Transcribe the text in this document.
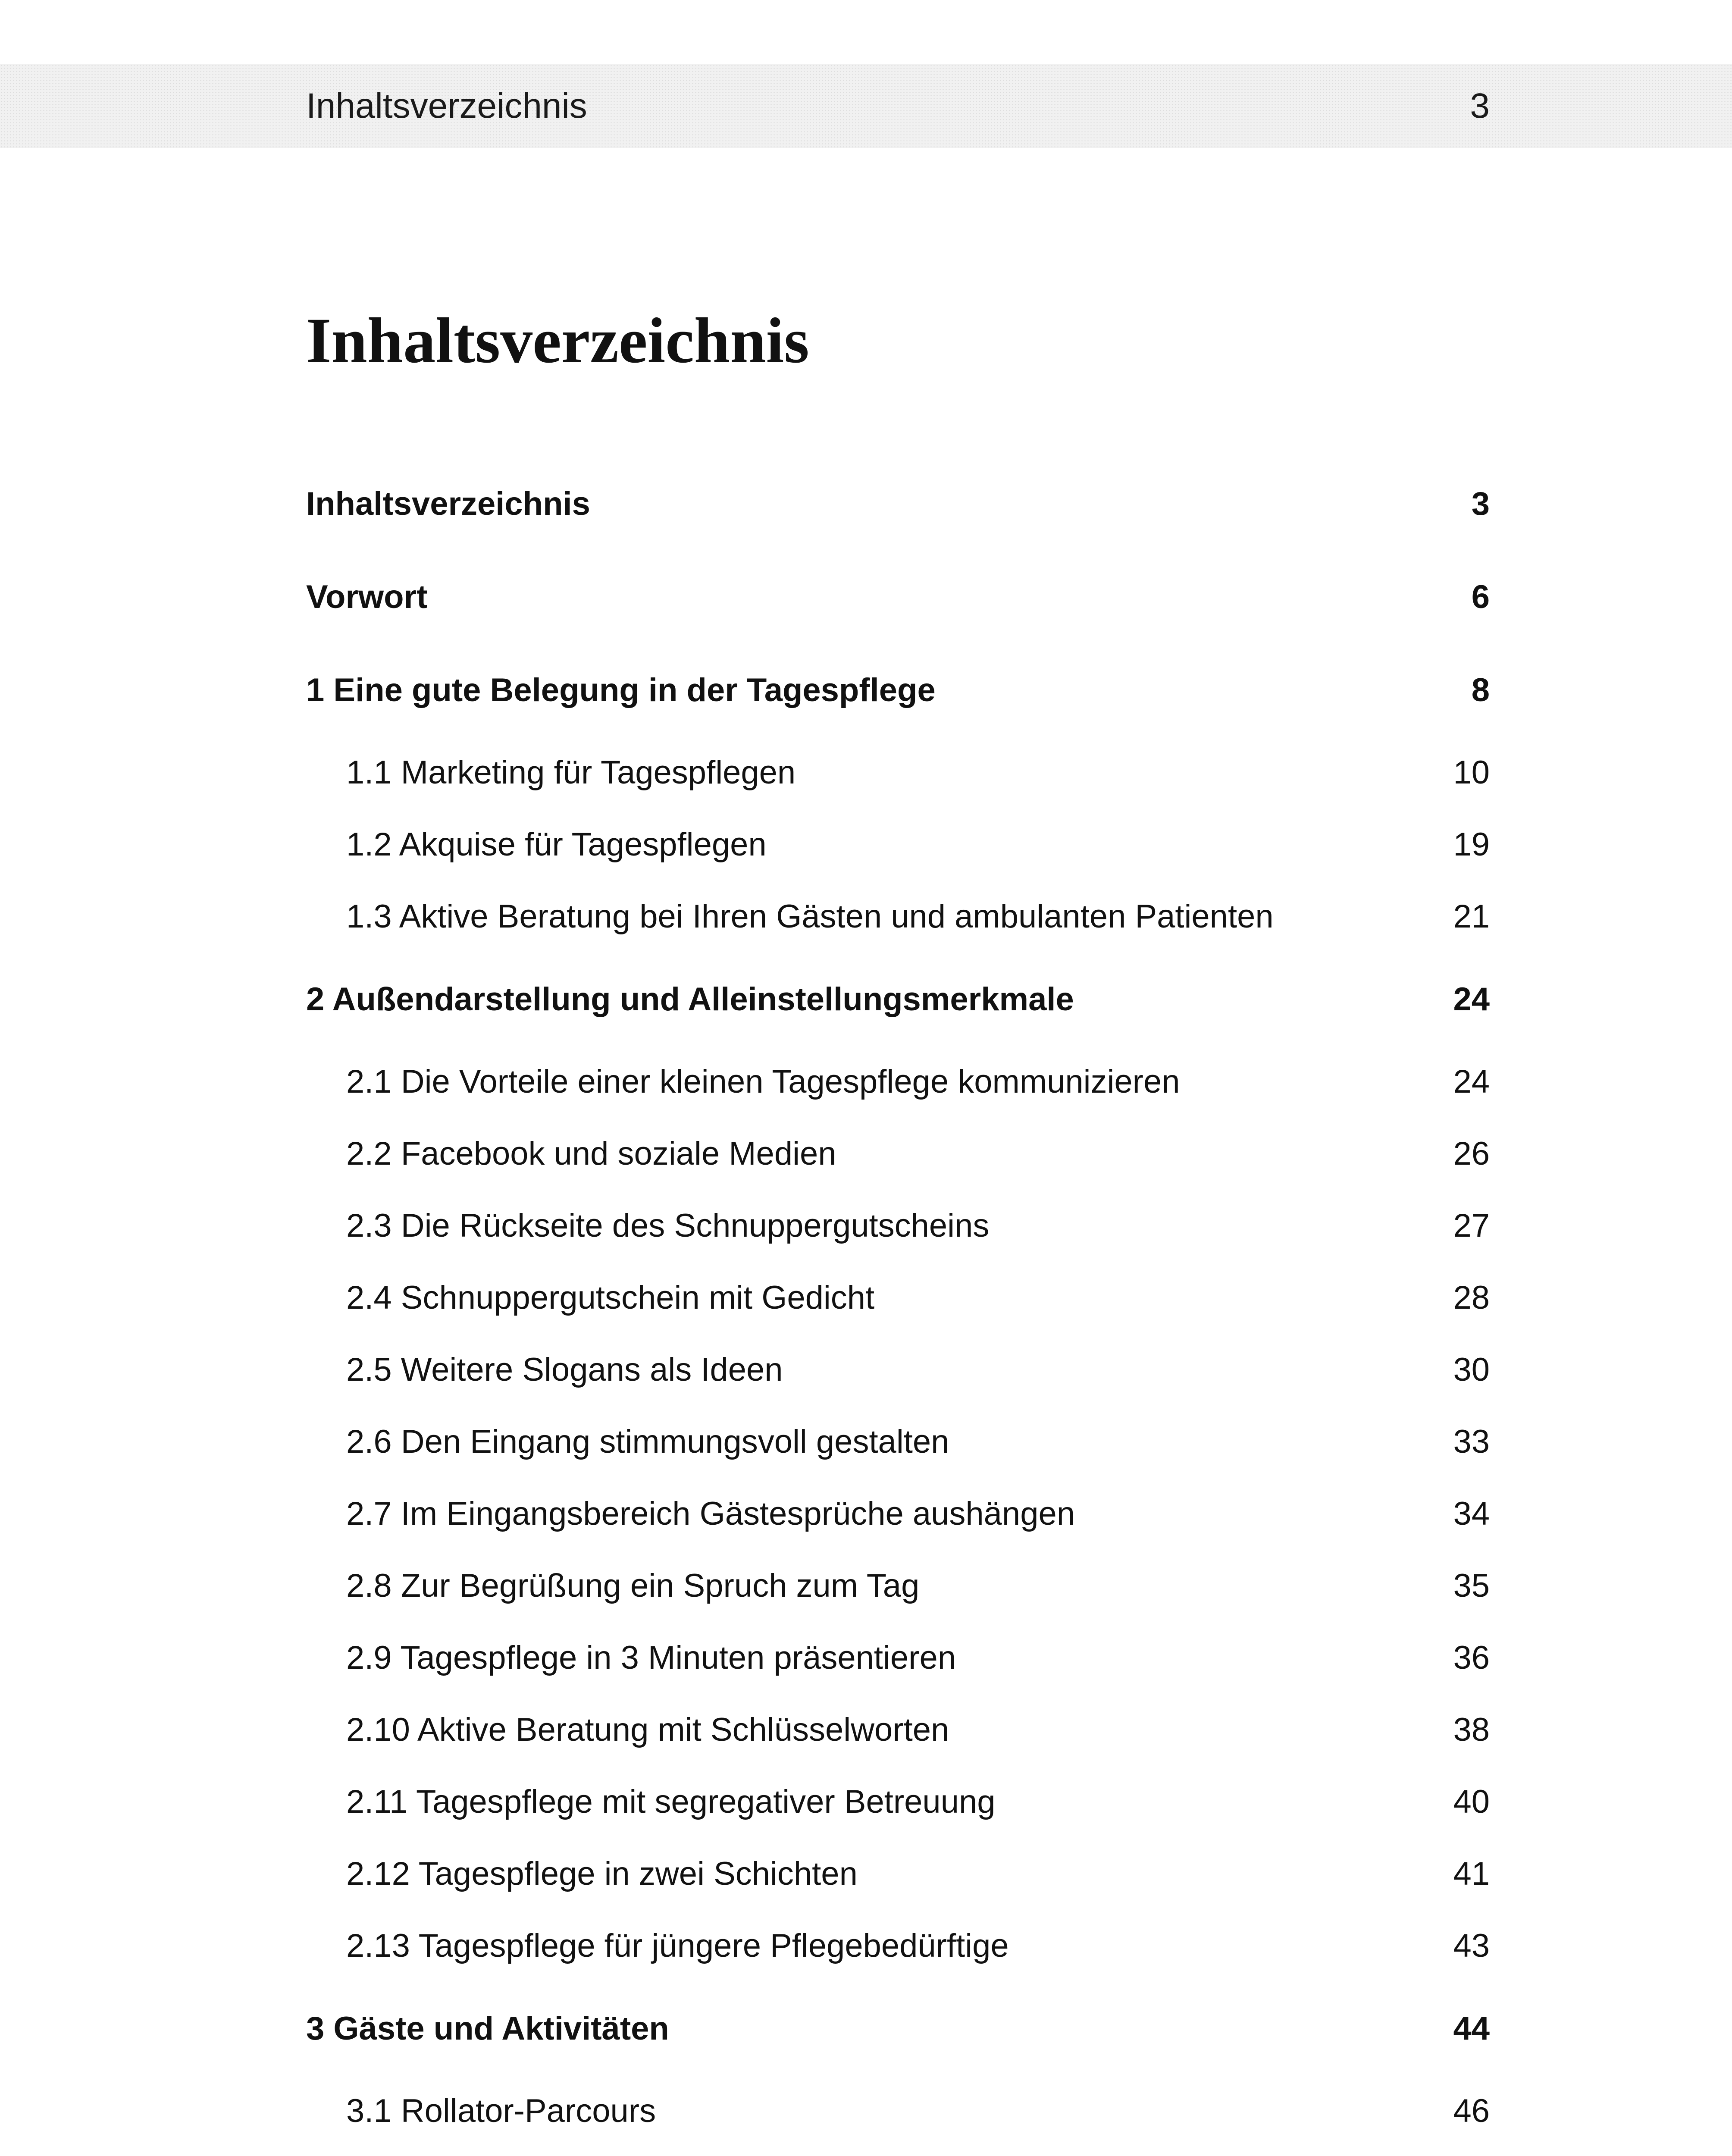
Inhaltsverzeichnis	3
Inhaltsverzeichnis
Inhaltsverzeichnis	3
Vorwort	6
1 Eine gute Belegung in der Tagespflege	8
1.1 Marketing für Tagespflegen	10
1.2 Akquise für Tagespflegen	19
1.3 Aktive Beratung bei Ihren Gästen und ambulanten Patienten	21
2 Außendarstellung und Alleinstellungsmerkmale	24
2.1 Die Vorteile einer kleinen Tagespflege kommunizieren	24
2.2 Facebook und soziale Medien	26
2.3 Die Rückseite des Schnuppergutscheins	27
2.4 Schnuppergutschein mit Gedicht	28
2.5 Weitere Slogans als Ideen	30
2.6 Den Eingang stimmungsvoll gestalten	33
2.7 Im Eingangsbereich Gästesprüche aushängen	34
2.8 Zur Begrüßung ein Spruch zum Tag	35
2.9 Tagespflege in 3 Minuten präsentieren	36
2.10 Aktive Beratung mit Schlüsselworten	38
2.11 Tagespflege mit segregativer Betreuung	40
2.12 Tagespflege in zwei Schichten	41
2.13 Tagespflege für jüngere Pflegebedürftige	43
3 Gäste und Aktivitäten	44
3.1 Rollator-Parcours	46
